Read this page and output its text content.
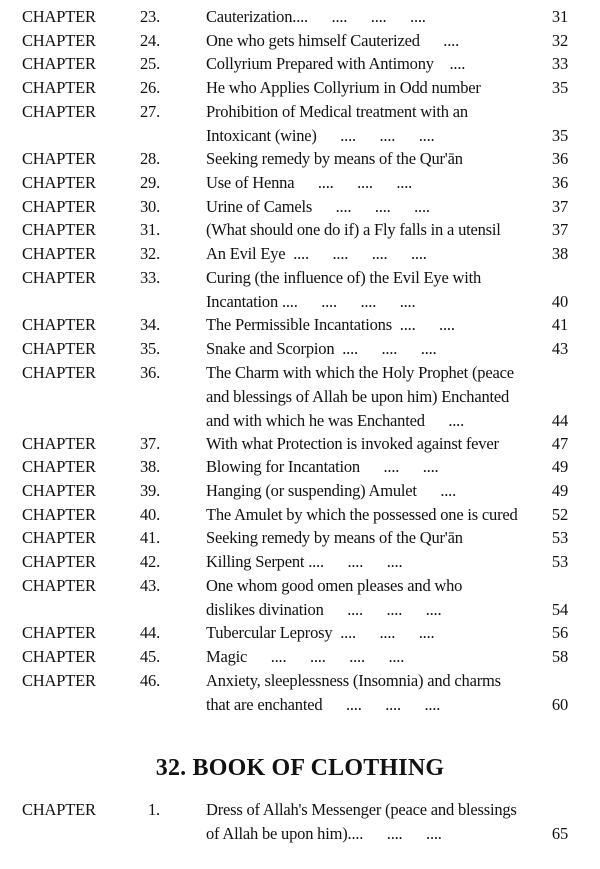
CHAPTER	23.	Cauterization....      ....      ....      ....	31
CHAPTER	24.	One who gets himself Cauterized      ....	32
CHAPTER	25.	Collyrium Prepared with Antimony    ....	33
CHAPTER	26.	He who Applies Collyrium in Odd number	35
CHAPTER	27.	Prohibition of Medical treatment with an
Intoxicant (wine)      ....      ....      ....	35
CHAPTER	28.	Seeking remedy by means of the Qur'ān	36
CHAPTER	29.	Use of Henna      ....      ....      ....	36
CHAPTER	30.	Urine of Camels      ....      ....      ....	37
CHAPTER	31.	(What should one do if) a Fly falls in a utensil	37
CHAPTER	32.	An Evil Eye  ....      ....      ....      ....	38
CHAPTER	33.	Curing (the influence of) the Evil Eye with
Incantation ....      ....      ....      ....	40
CHAPTER	34.	The Permissible Incantations  ....      ....	41
CHAPTER	35.	Snake and Scorpion  ....      ....      ....	43
CHAPTER	36.	The Charm with which the Holy Prophet (peace
and blessings of Allah be upon him) Enchanted
and with which he was Enchanted      ....	44
CHAPTER	37.	With what Protection is invoked against fever	47
CHAPTER	38.	Blowing for Incantation      ....      ....	49
CHAPTER	39.	Hanging (or suspending) Amulet      ....	49
CHAPTER	40.	The Amulet by which the possessed one is cured	52
CHAPTER	41.	Seeking remedy by means of the Qur'ān	53
CHAPTER	42.	Killing Serpent ....      ....      ....	53
CHAPTER	43.	One whom good omen pleases and who
dislikes divination      ....      ....      ....	54
CHAPTER	44.	Tubercular Leprosy  ....      ....      ....	56
CHAPTER	45.	Magic      ....      ....      ....      ....	58
CHAPTER	46.	Anxiety, sleeplessness (Insomnia) and charms
that are enchanted      ....      ....      ....	60
32. BOOK OF CLOTHING
CHAPTER	1.	Dress of Allah's Messenger (peace and blessings
of Allah be upon him)....      ....      ....	65
